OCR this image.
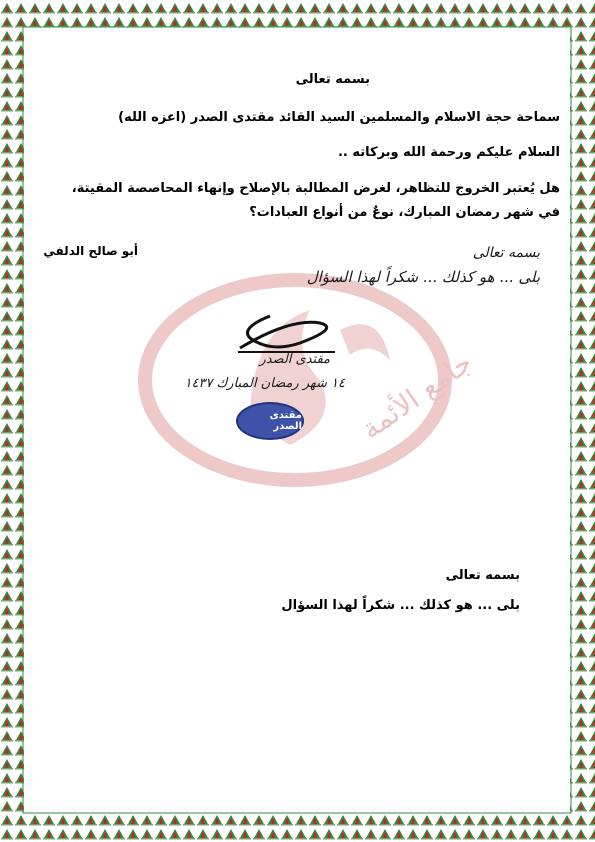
جامع الأئمة
بسمه تعالى
سماحة حجة الاسلام والمسلمين السيد القائد مقتدى الصدر (اعزه الله)
السلام عليكم ورحمة الله وبركاته ..
هل يُعتبر الخروج للتظاهر، لغرض المطالبة بالإصلاح وإنهاء المحاصصة المقيتة،
في شهر رمضان المبارك، نوعٌ من أنواع العبادات؟
أبو صالح الدلفي	بسمه تعالى
بلى ... هو كذلك ... شكراً لهذا السؤال
مقتدى الصدر
١٤ شهر رمضان المبارك ١٤٣٧
مقتدى الصدر
بسمه تعالى
بلى ... هو كذلك ... شكراً لهذا السؤال
